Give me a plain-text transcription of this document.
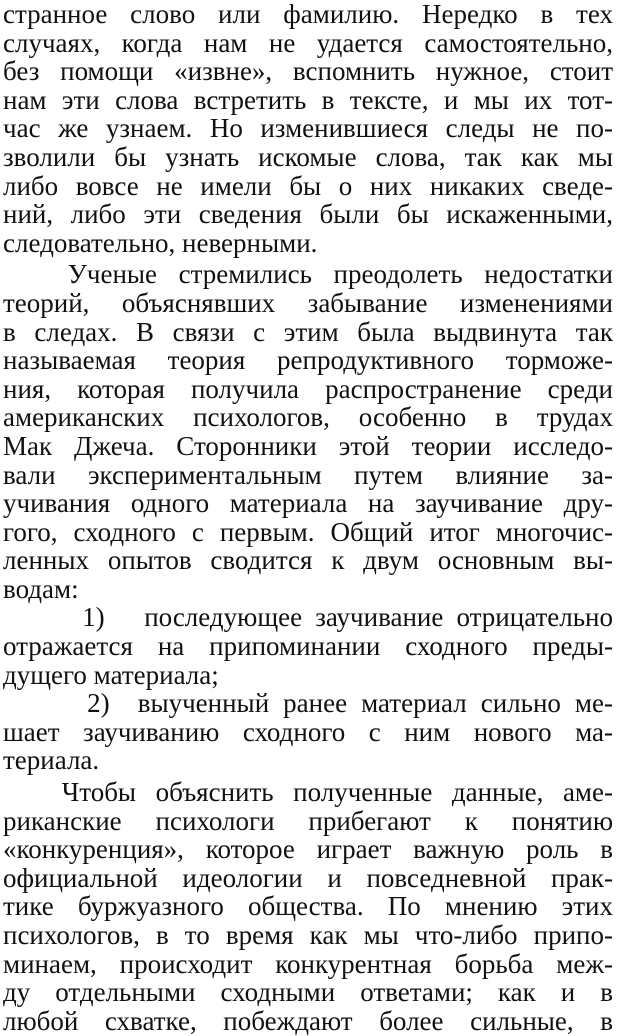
странное слово или фамилию. Нередко в тех
случаях, когда нам не удается самостоятельно,
без помощи «извне», вспомнить нужное, стоит
нам эти слова встретить в тексте, и мы их тот-
час же узнаем. Но изменившиеся следы не по-
зволили бы узнать искомые слова, так как мы
либо вовсе не имели бы о них никаких сведе-
ний, либо эти сведения были бы искаженными,
следовательно, неверными.
Ученые стремились преодолеть недостатки
теорий, объяснявших забывание изменениями
в следах. В связи с этим была выдвинута так
называемая теория репродуктивного торможе-
ния, которая получила распространение среди
американских психологов, особенно в трудах
Мак Джеча. Сторонники этой теории исследо-
вали экспериментальным путем влияние за-
учивания одного материала на заучивание дру-
гого, сходного с первым. Общий итог многочис-
ленных опытов сводится к двум основным вы-
водам:
1)   последующее заучивание отрицательно
отражается на припоминании сходного преды-
дущего материала;
2)  выученный ранее материал сильно ме-
шает заучиванию сходного с ним нового ма-
териала.
Чтобы объяснить полученные данные, аме-
риканские психологи прибегают к понятию
«конкуренция», которое играет важную роль в
официальной идеологии и повседневной прак-
тике буржуазного общества. По мнению этих
психологов, в то время как мы что-либо припо-
минаем, происходит конкурентная борьба меж-
ду отдельными сходными ответами; как и в
любой схватке, побеждают более сильные, в
